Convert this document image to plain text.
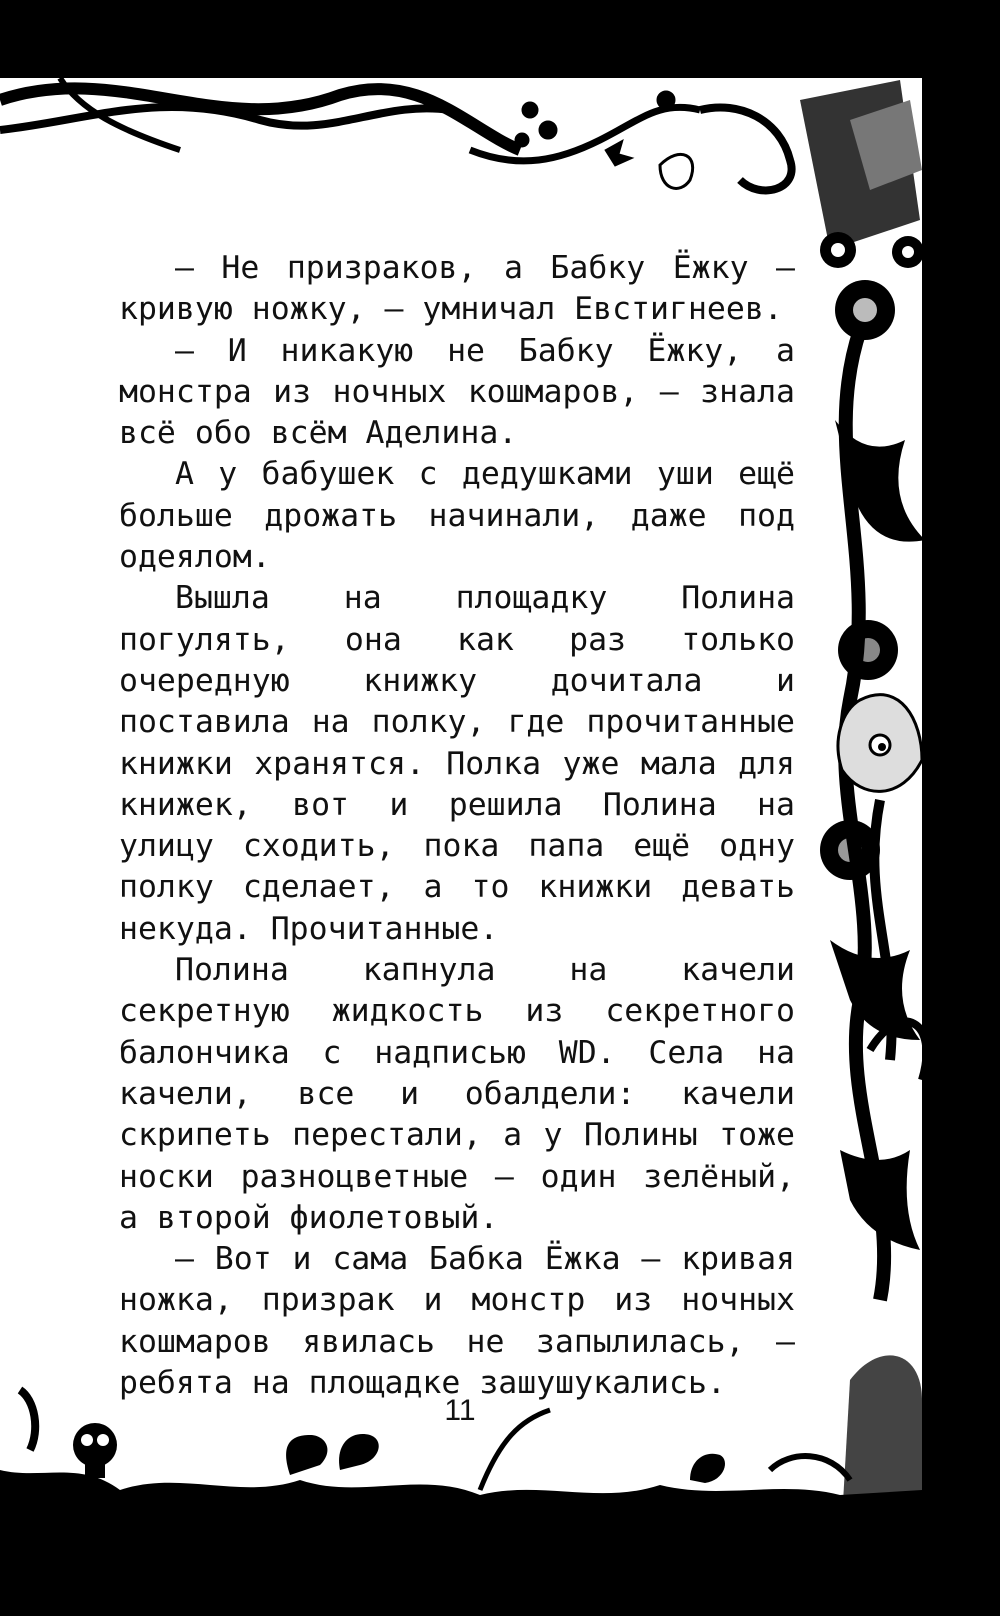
— Не призраков, а Бабку Ёжку — кривую ножку, — умничал Евстигнеев.

— И никакую не Бабку Ёжку, а монстра из ночных кошмаров, — знала всё обо всём Аделина.

А у бабушек с дедушками уши ещё больше дрожать начинали, даже под одеялом.

Вышла на площадку Полина погулять, она как раз только очередную книжку дочитала и поставила на полку, где прочитанные книжки хранятся. Полка уже мала для книжек, вот и решила Полина на улицу сходить, пока папа ещё одну полку сделает, а то книжки девать некуда. Прочитанные.

Полина капнула на качели секретную жидкость из секретного балончика с надписью WD. Села на качели, все и обалдели: качели скрипеть перестали, а у Полины тоже носки разноцветные — один зелёный, а второй фиолетовый.

— Вот и сама Бабка Ёжка — кривая ножка, призрак и монстр из ночных кошмаров явилась не запылилась, — ребята на площадке зашушукались.

11
